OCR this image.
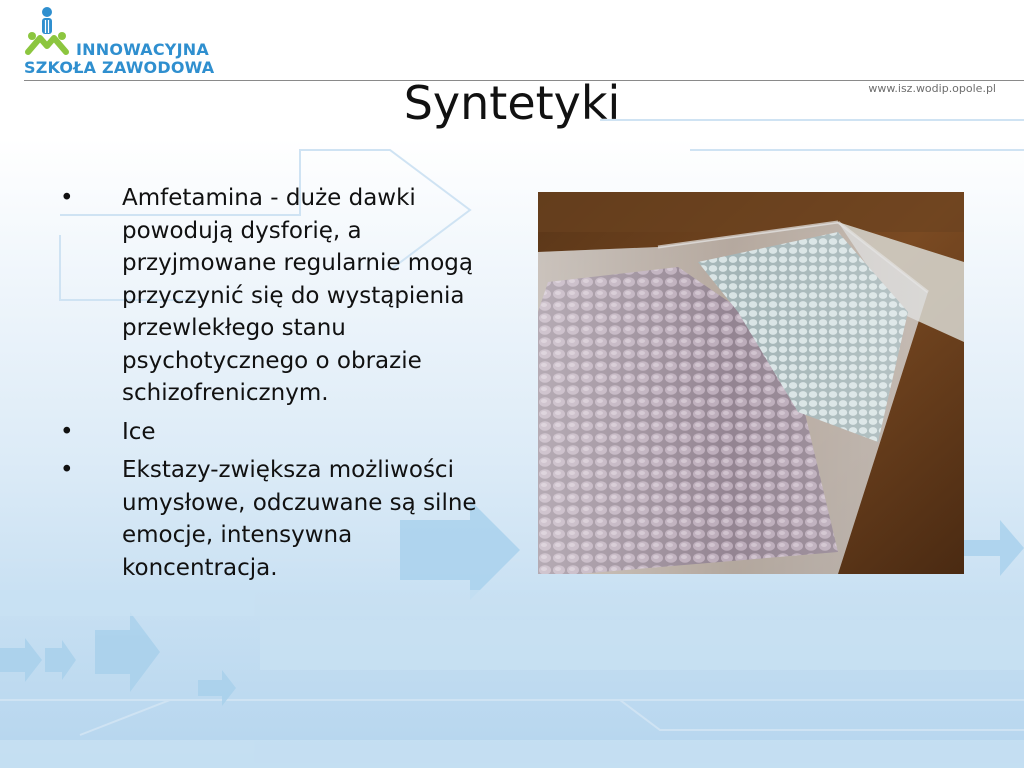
INNOWACYJNA
SZKOŁA ZAWODOWA
www.isz.wodip.opole.pl
Syntetyki
• Amfetamina - duże dawki powodują dysforię, a przyjmowane regularnie mogą przyczynić się do wystąpienia przewlekłego stanu psychotycznego o obrazie schizofrenicznym.
• Ice
• Ekstazy-zwiększa możliwości umysłowe, odczuwane są silne emocje, intensywna koncentracja.
